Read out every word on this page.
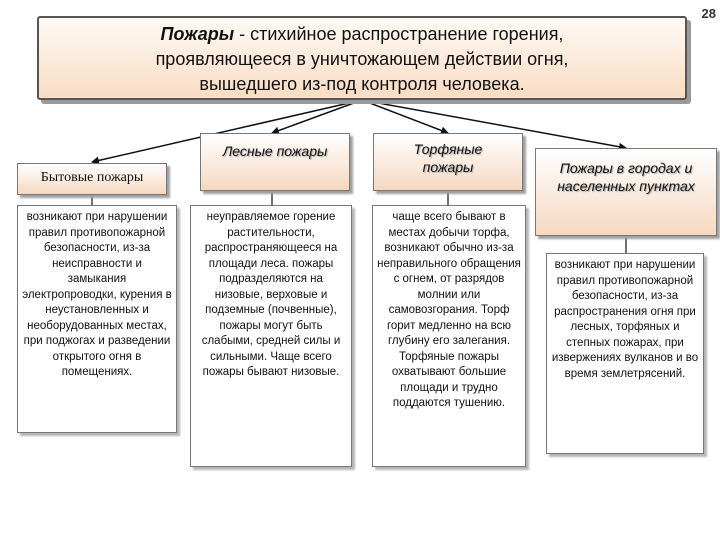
28
Пожары - стихийное распространение горения,
проявляющееся в уничтожающем действии огня,
вышедшего из-под контроля человека.
Бытовые пожары
Лесные пожары	Торфяные пожары	Пожары в городах и населенных пунктах
возникают при нарушении правил противопожарной безопасности, из-за неисправности и замыкания электропроводки, курения в неустановленных и необорудованных местах, при поджогах и разведении открытого огня в помещениях.
неуправляемое горение растительности, распространяющееся на площади леса. пожары подразделяются на низовые, верховые и подземные (почвенные), пожары могут быть слабыми, средней силы и сильными. Чаще всего пожары бывают низовые.
чаще всего бывают в местах добычи торфа, возникают обычно из-за неправильного обращения с огнем, от разрядов молнии или самовозгорания. Торф горит медленно на всю глубину его залегания. Торфяные пожары охватывают большие площади и трудно поддаются тушению.
возникают при нарушении правил противопожарной безопасности, из-за распространения огня при лесных, торфяных и степных пожарах, при извержениях вулканов и во время землетрясений.
